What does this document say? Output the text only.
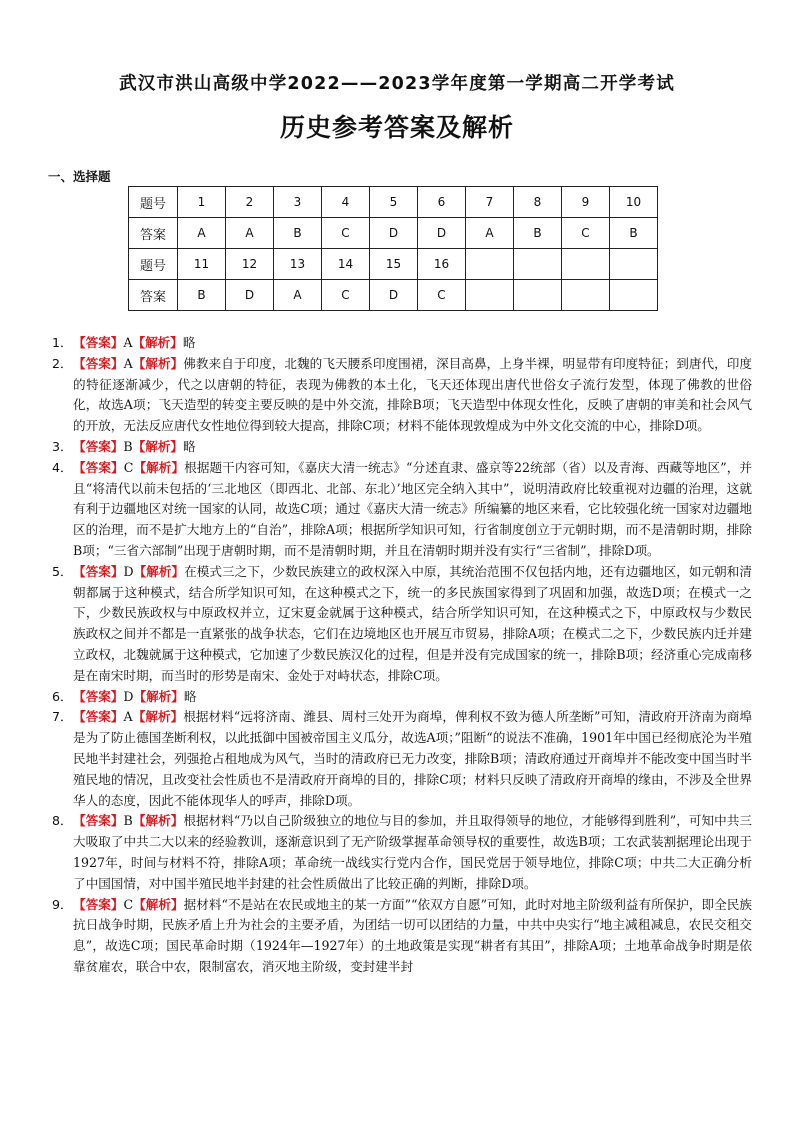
武汉市洪山高级中学2022——2023学年度第一学期高二开学考试
历史参考答案及解析
一、选择题
题号	1	2	3	4	5	6	7	8	9	10
答案	A	A	B	C	D	D	A	B	C	B
题号	11	12	13	14	15	16				
答案	B	D	A	C	D	C				
1． 【答案】A【解析】略
2． 【答案】A【解析】佛教来自于印度，北魏的飞天腰系印度围裙，深目高鼻，上身半裸，明显带有印度特征；到唐代，印度的特征逐渐减少，代之以唐朝的特征，表现为佛教的本土化，飞天还体现出唐代世俗女子流行发型，体现了佛教的世俗化，故选A项；飞天造型的转变主要反映的是中外交流，排除B项；飞天造型中体现女性化，反映了唐朝的审美和社会风气的开放，无法反应唐代女性地位得到较大提高，排除C项；材料不能体现敦煌成为中外文化交流的中心，排除D项。
3． 【答案】B【解析】略
4． 【答案】C【解析】根据题干内容可知，《嘉庆大清一统志》“分述直隶、盛京等22统部（省）以及青海、西藏等地区”，并且“将清代以前未包括的‘三北地区（即西北、北部、东北）’地区完全纳入其中”，说明清政府比较重视对边疆的治理，这就有利于边疆地区对统一国家的认同，故选C项；通过《嘉庆大清一统志》所编纂的地区来看，它比较强化统一国家对边疆地区的治理，而不是扩大地方上的“自治”，排除A项；根据所学知识可知，行省制度创立于元朝时期，而不是清朝时期，排除B项；“三省六部制”出现于唐朝时期，而不是清朝时期，并且在清朝时期并没有实行“三省制”，排除D项。
5． 【答案】D【解析】在模式三之下，少数民族建立的政权深入中原，其统治范围不仅包括内地，还有边疆地区，如元朝和清朝都属于这种模式，结合所学知识可知，在这种模式之下，统一的多民族国家得到了巩固和加强，故选D项；在模式一之下，少数民族政权与中原政权并立，辽宋夏金就属于这种模式，结合所学知识可知，在这种模式之下，中原政权与少数民族政权之间并不都是一直紧张的战争状态，它们在边境地区也开展互市贸易，排除A项；在模式二之下，少数民族内迁并建立政权，北魏就属于这种模式，它加速了少数民族汉化的过程，但是并没有完成国家的统一，排除B项；经济重心完成南移是在南宋时期，而当时的形势是南宋、金处于对峙状态，排除C项。
6． 【答案】D【解析】略
7． 【答案】A【解析】根据材料“远将济南、潍县、周村三处开为商埠，俾利权不致为德人所垄断”可知，清政府开济南为商埠是为了防止德国垄断利权，以此抵御中国被帝国主义瓜分，故选A项；”阻断“的说法不准确，1901年中国已经彻底沦为半殖民地半封建社会，列强抢占租地成为风气，当时的清政府已无力改变，排除B项；清政府通过开商埠并不能改变中国当时半殖民地的情况，且改变社会性质也不是清政府开商埠的目的，排除C项；材料只反映了清政府开商埠的缘由，不涉及全世界华人的态度，因此不能体现华人的呼声，排除D项。
8． 【答案】B【解析】根据材料“乃以自己阶级独立的地位与目的参加，并且取得领导的地位，才能够得到胜利”，可知中共三大吸取了中共二大以来的经验教训，逐渐意识到了无产阶级掌握革命领导权的重要性，故选B项；工农武装割据理论出现于1927年，时间与材料不符，排除A项；革命统一战线实行党内合作，国民党居于领导地位，排除C项；中共二大正确分析了中国国情，对中国半殖民地半封建的社会性质做出了比较正确的判断，排除D项。
9． 【答案】C【解析】据材料“不是站在农民或地主的某一方面”“依双方自愿”可知，此时对地主阶级利益有所保护，即全民族抗日战争时期，民族矛盾上升为社会的主要矛盾，为团结一切可以团结的力量，中共中央实行“地主减租减息，农民交租交息”，故选C项；国民革命时期（1924年—1927年）的土地政策是实现“耕者有其田”，排除A项；土地革命战争时期是依靠贫雇农，联合中农，限制富农，消灭地主阶级，变封建半封
